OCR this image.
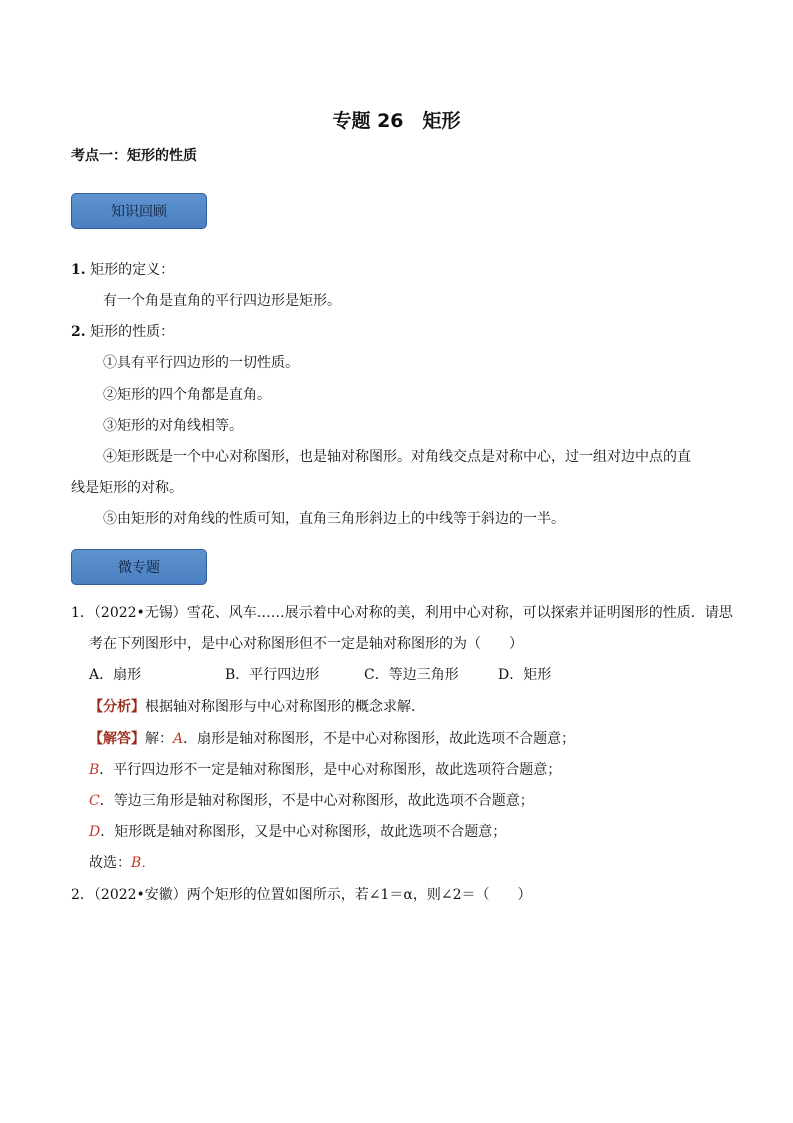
专题 26　矩形
考点一：矩形的性质
知识回顾
1. 矩形的定义：
有一个角是直角的平行四边形是矩形。
2. 矩形的性质：
①具有平行四边形的一切性质。
②矩形的四个角都是直角。
③矩形的对角线相等。
④矩形既是一个中心对称图形，也是轴对称图形。对角线交点是对称中心，过一组对边中点的直
线是矩形的对称。
⑤由矩形的对角线的性质可知，直角三角形斜边上的中线等于斜边的一半。
微专题
1．（2022•无锡）雪花、风车……展示着中心对称的美，利用中心对称，可以探索并证明图形的性质．请思
考在下列图形中，是中心对称图形但不一定是轴对称图形的为（　　）
A．扇形	B．平行四边形	C．等边三角形	D．矩形
【分析】根据轴对称图形与中心对称图形的概念求解．
【解答】解：A．扇形是轴对称图形，不是中心对称图形，故此选项不合题意；
B．平行四边形不一定是轴对称图形，是中心对称图形，故此选项符合题意；
C．等边三角形是轴对称图形，不是中心对称图形，故此选项不合题意；
D．矩形既是轴对称图形，又是中心对称图形，故此选项不合题意；
故选：B．
2．（2022•安徽）两个矩形的位置如图所示，若∠1＝α，则∠2＝（　　）
